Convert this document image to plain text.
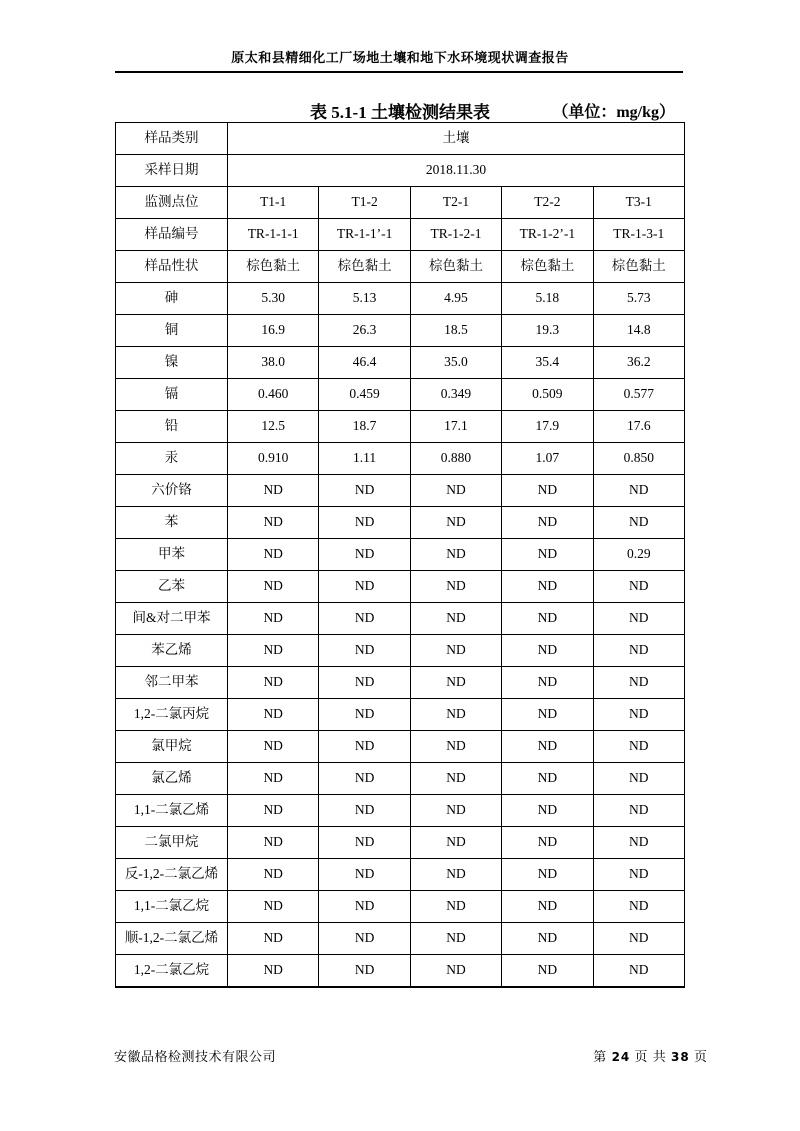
原太和县精细化工厂场地土壤和地下水环境现状调查报告
表 5.1-1 土壤检测结果表	（单位：mg/kg）
样品类别	土壤				
采样日期	2018.11.30				
监测点位	T1-1	T1-2	T2-1	T2-2	T3-1
样品编号	TR-1-1-1	TR-1-1’-1	TR-1-2-1	TR-1-2’-1	TR-1-3-1
样品性状	棕色黏土	棕色黏土	棕色黏土	棕色黏土	棕色黏土
砷	5.30	5.13	4.95	5.18	5.73
铜	16.9	26.3	18.5	19.3	14.8
镍	38.0	46.4	35.0	35.4	36.2
镉	0.460	0.459	0.349	0.509	0.577
铅	12.5	18.7	17.1	17.9	17.6
汞	0.910	1.11	0.880	1.07	0.850
六价铬	ND	ND	ND	ND	ND
苯	ND	ND	ND	ND	ND
甲苯	ND	ND	ND	ND	0.29
乙苯	ND	ND	ND	ND	ND
间&对二甲苯	ND	ND	ND	ND	ND
苯乙烯	ND	ND	ND	ND	ND
邻二甲苯	ND	ND	ND	ND	ND
1,2-二氯丙烷	ND	ND	ND	ND	ND
氯甲烷	ND	ND	ND	ND	ND
氯乙烯	ND	ND	ND	ND	ND
1,1-二氯乙烯	ND	ND	ND	ND	ND
二氯甲烷	ND	ND	ND	ND	ND
反-1,2-二氯乙烯	ND	ND	ND	ND	ND
1,1-二氯乙烷	ND	ND	ND	ND	ND
顺-1,2-二氯乙烯	ND	ND	ND	ND	ND
1,2-二氯乙烷	ND	ND	ND	ND	ND
安徽品格检测技术有限公司	第 24 页 共 38 页
